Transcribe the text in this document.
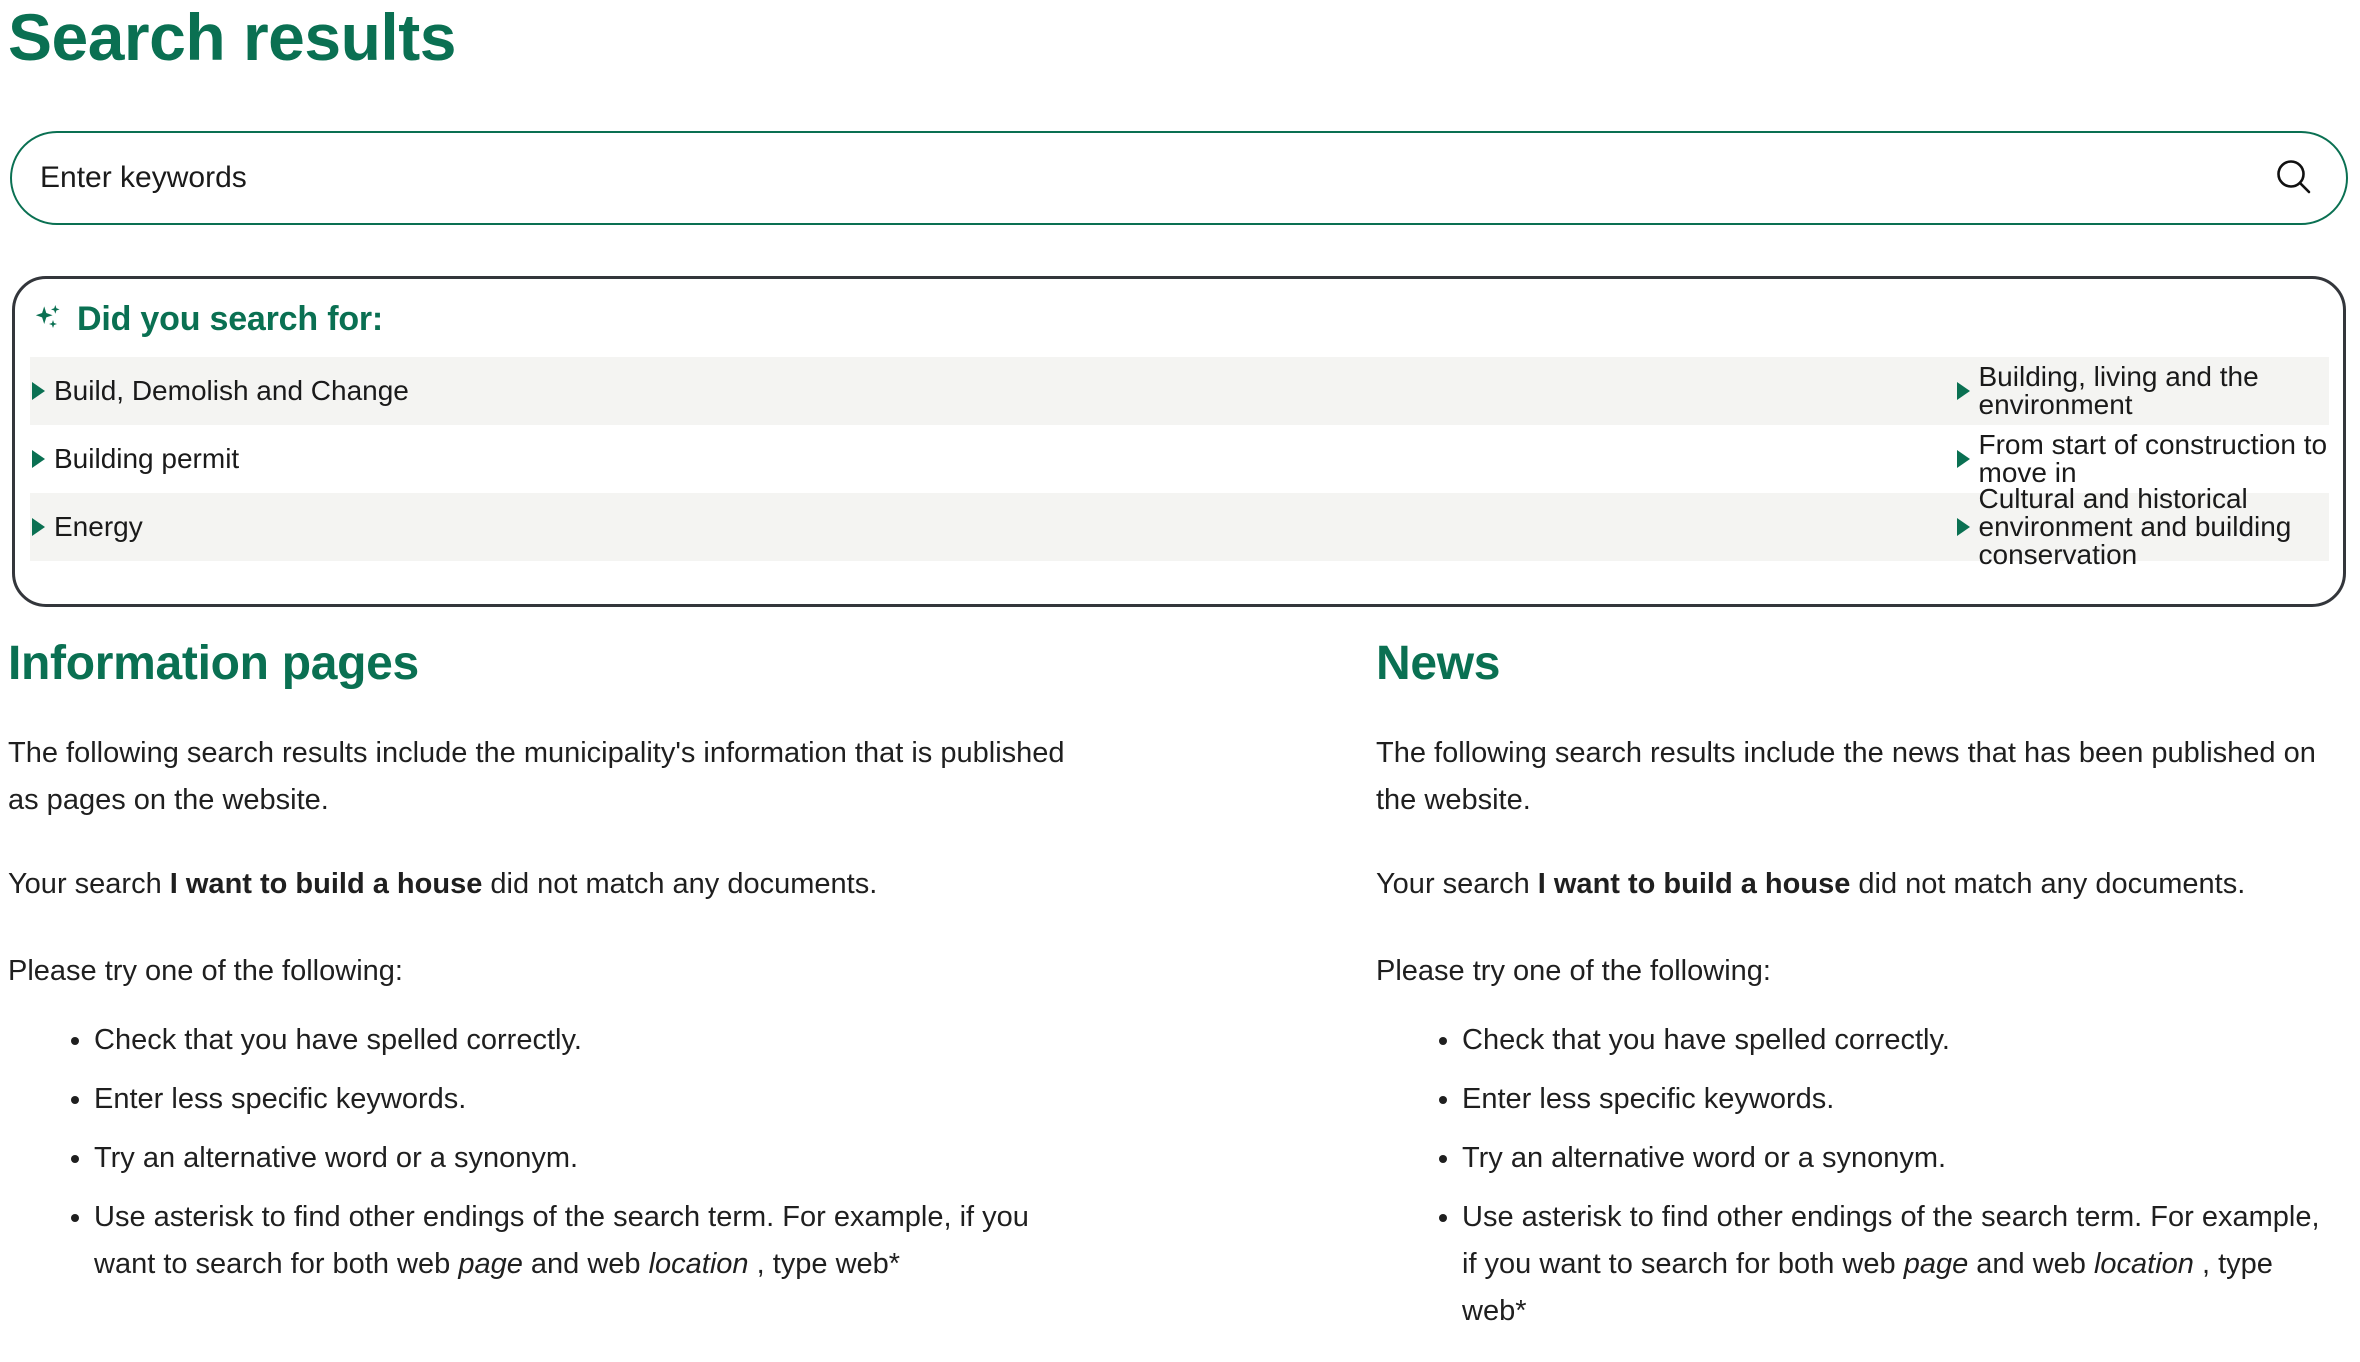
Search results
Enter keywords
Did you search for:
Build, Demolish and Change	Building, living and the environment
Building permit	From start of construction to move in
Energy
Cultural and historical environment and building conservation
Information pages

The following search results include the municipality's information that is published as pages on the website.

Your search I want to build a house did not match any documents.

Please try one of the following:

• Check that you have spelled correctly.
• Enter less specific keywords.
• Try an alternative word or a synonym.
• Use asterisk to find other endings of the search term. For example, if you want to search for both web page and web location , type web*
News

The following search results include the news that has been published on the website.

Your search I want to build a house did not match any documents.

Please try one of the following:

• Check that you have spelled correctly.
• Enter less specific keywords.
• Try an alternative word or a synonym.
• Use asterisk to find other endings of the search term. For example, if you want to search for both web page and web location , type web*
